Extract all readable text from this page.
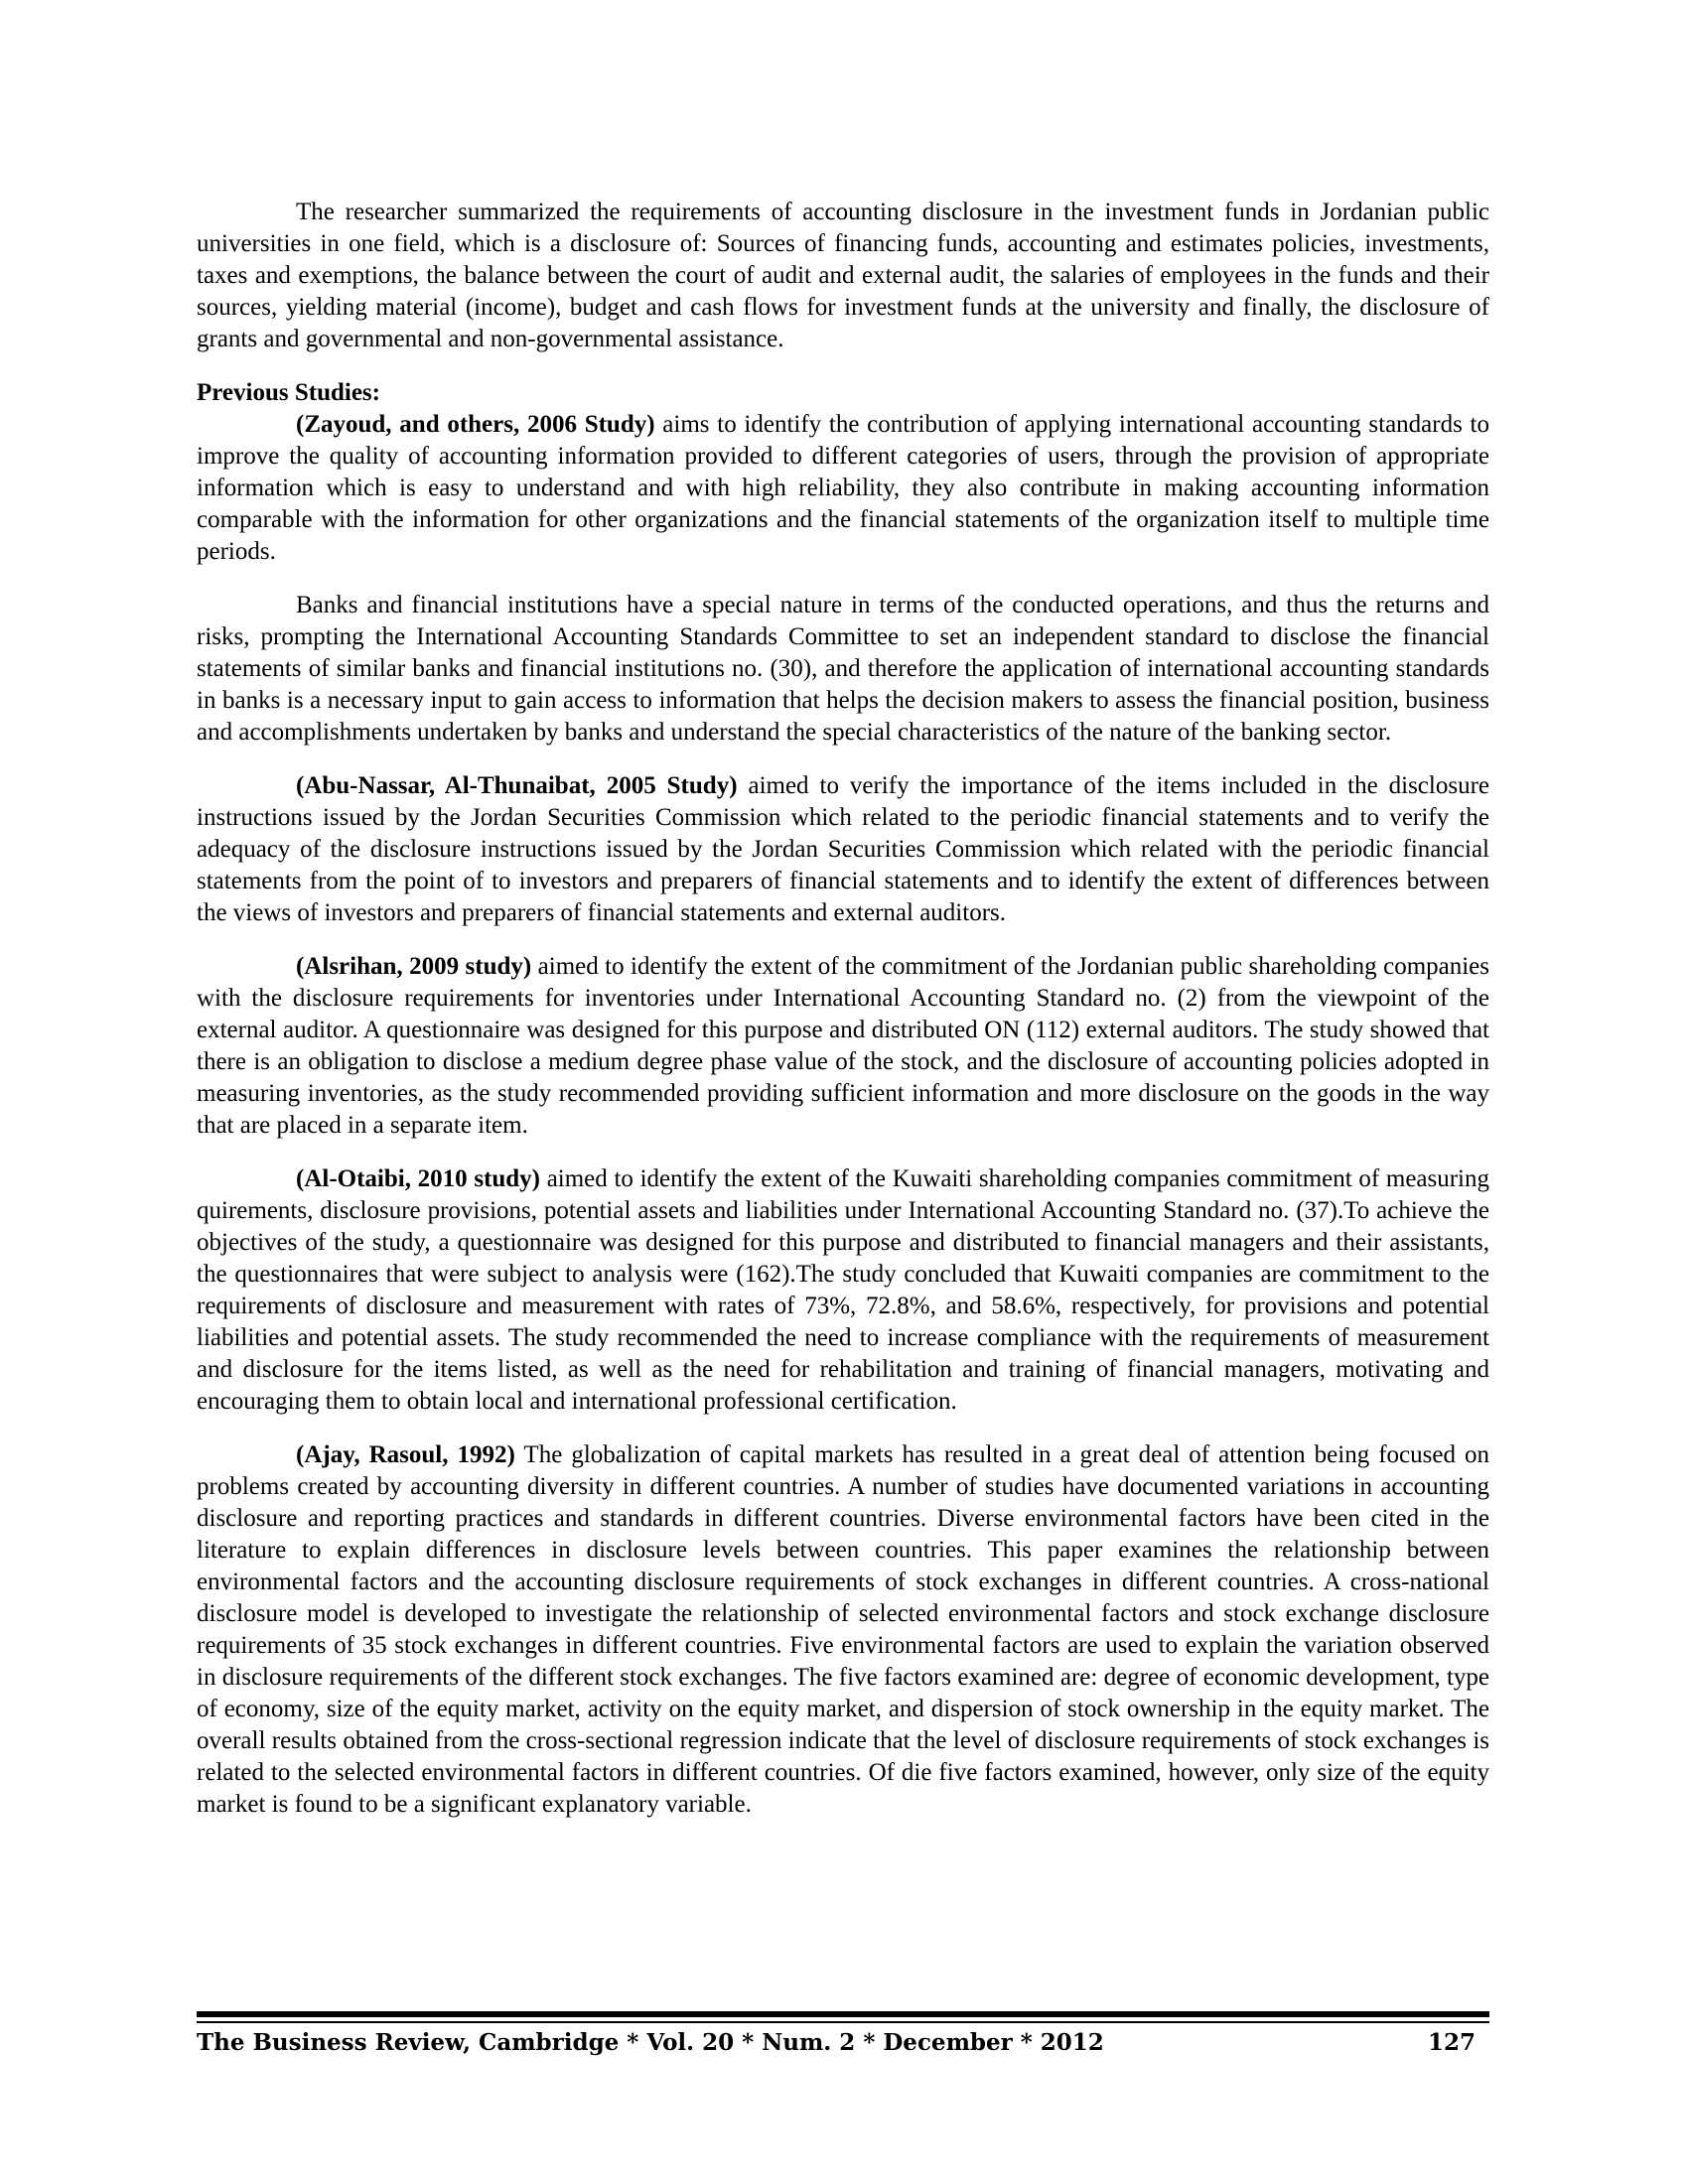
The researcher summarized the requirements of accounting disclosure in the investment funds in Jordanian public universities in one field, which is a disclosure of: Sources of financing funds, accounting and estimates policies, investments, taxes and exemptions, the balance between the court of audit and external audit, the salaries of employees in the funds and their sources, yielding material (income), budget and cash flows for investment funds at the university and finally, the disclosure of grants and governmental and non-governmental assistance.

Previous Studies:

(Zayoud, and others, 2006 Study) aims to identify the contribution of applying international accounting standards to improve the quality of accounting information provided to different categories of users, through the provision of appropriate information which is easy to understand and with high reliability, they also contribute in making accounting information comparable with the information for other organizations and the financial statements of the organization itself to multiple time periods.

Banks and financial institutions have a special nature in terms of the conducted operations, and thus the returns and risks, prompting the International Accounting Standards Committee to set an independent standard to disclose the financial statements of similar banks and financial institutions no. (30), and therefore the application of international accounting standards in banks is a necessary input to gain access to information that helps the decision makers to assess the financial position, business and accomplishments undertaken by banks and understand the special characteristics of the nature of the banking sector.

(Abu-Nassar, Al-Thunaibat, 2005 Study) aimed to verify the importance of the items included in the disclosure instructions issued by the Jordan Securities Commission which related to the periodic financial statements and to verify the adequacy of the disclosure instructions issued by the Jordan Securities Commission which related with the periodic financial statements from the point of to investors and preparers of financial statements and to identify the extent of differences between the views of investors and preparers of financial statements and external auditors.

(Alsrihan, 2009 study) aimed to identify the extent of the commitment of the Jordanian public shareholding companies with the disclosure requirements for inventories under International Accounting Standard no. (2) from the viewpoint of the external auditor. A questionnaire was designed for this purpose and distributed ON (112) external auditors. The study showed that there is an obligation to disclose a medium degree phase value of the stock, and the disclosure of accounting policies adopted in measuring inventories, as the study recommended providing sufficient information and more disclosure on the goods in the way that are placed in a separate item.

(Al-Otaibi, 2010 study) aimed to identify the extent of the Kuwaiti shareholding companies commitment of measuring quirements, disclosure provisions, potential assets and liabilities under International Accounting Standard no. (37).To achieve the objectives of the study, a questionnaire was designed for this purpose and distributed to financial managers and their assistants, the questionnaires that were subject to analysis were (162).The study concluded that Kuwaiti companies are commitment to the requirements of disclosure and measurement with rates of 73%, 72.8%, and 58.6%, respectively, for provisions and potential liabilities and potential assets. The study recommended the need to increase compliance with the requirements of measurement and disclosure for the items listed, as well as the need for rehabilitation and training of financial managers, motivating and encouraging them to obtain local and international professional certification.

(Ajay, Rasoul, 1992) The globalization of capital markets has resulted in a great deal of attention being focused on problems created by accounting diversity in different countries. A number of studies have documented variations in accounting disclosure and reporting practices and standards in different countries. Diverse environmental factors have been cited in the literature to explain differences in disclosure levels between countries. This paper examines the relationship between environmental factors and the accounting disclosure requirements of stock exchanges in different countries. A cross-national disclosure model is developed to investigate the relationship of selected environmental factors and stock exchange disclosure requirements of 35 stock exchanges in different countries. Five environmental factors are used to explain the variation observed in disclosure requirements of the different stock exchanges. The five factors examined are: degree of economic development, type of economy, size of the equity market, activity on the equity market, and dispersion of stock ownership in the equity market. The overall results obtained from the cross-sectional regression indicate that the level of disclosure requirements of stock exchanges is related to the selected environmental factors in different countries. Of die five factors examined, however, only size of the equity market is found to be a significant explanatory variable.

The Business Review, Cambridge * Vol. 20 * Num. 2 * December * 2012	127
